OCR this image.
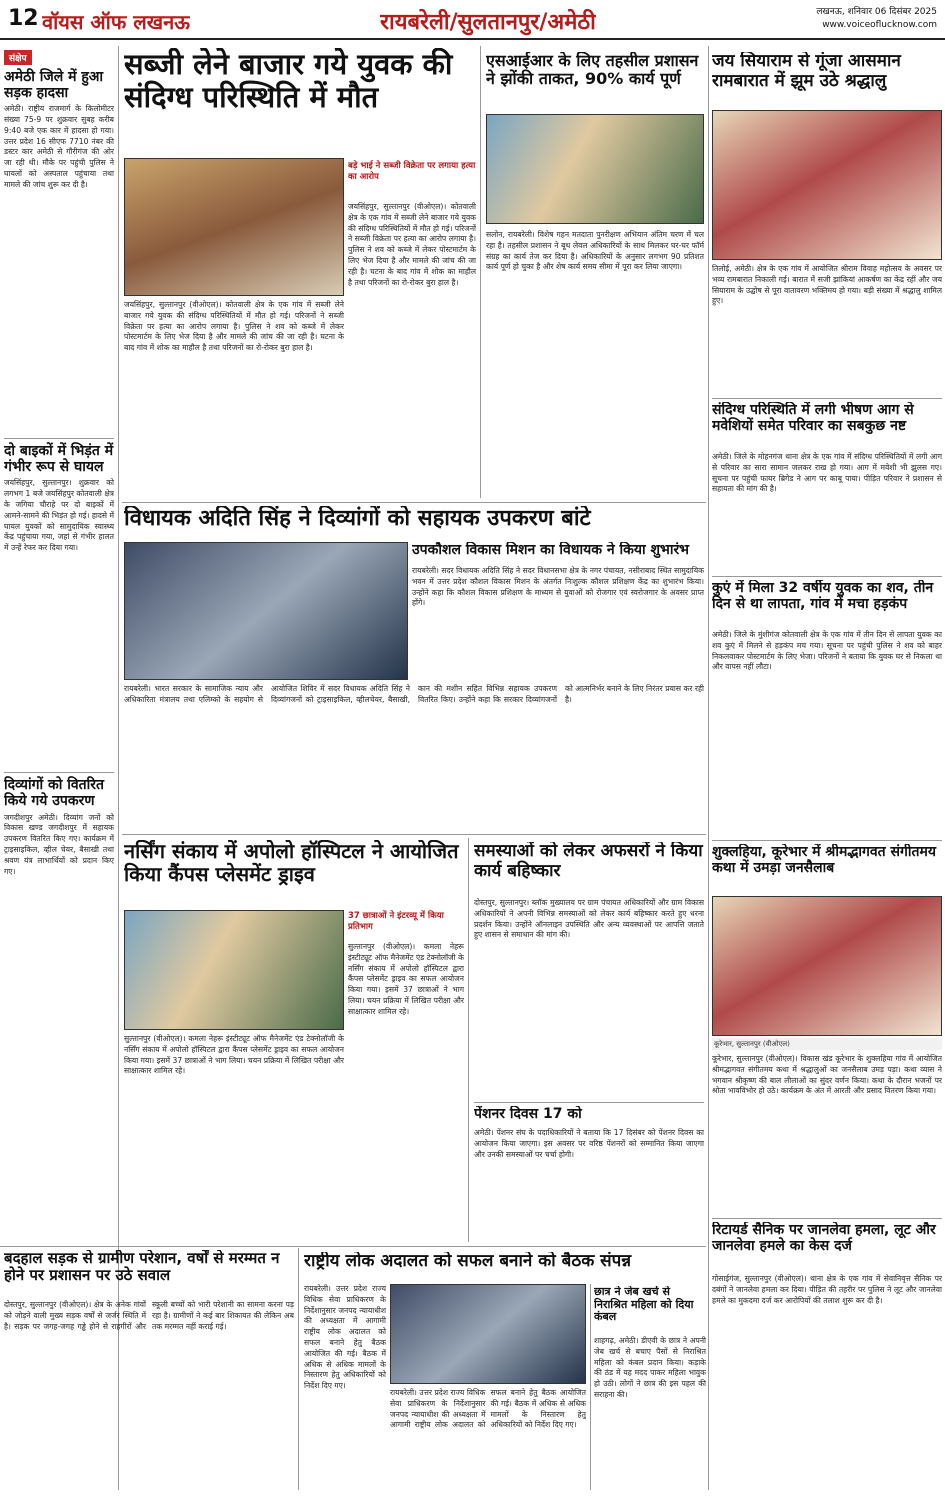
12 वॉयस ऑफ लखनऊ	रायबरेली/सुलतानपुर/अमेठी	लखनऊ, शनिवार 06 दिसंबर 2025
www.voiceoflucknow.com
संक्षेप
अमेठी जिले में हुआ सड़क हादसा
अमेठी। राष्ट्रीय राजमार्ग के किलोमीटर संख्या 75-9 पर शुक्रवार सुबह करीब 9:40 बजे एक कार में हादसा हो गया। उत्तर प्रदेश 16 सीएफ 7710 नंबर की डस्टर कार अमेठी से गौरीगंज की ओर जा रही थी। मौके पर पहुंची पुलिस ने घायलों को अस्पताल पहुंचाया तथा मामले की जांच शुरू कर दी है।
दो बाइकों में भिड़ंत में गंभीर रूप से घायल
जयसिंहपुर, सुल्तानपुर। शुक्रवार को लगभग 1 बजे जयसिंहपुर कोतवाली क्षेत्र के जगिया चौराहे पर दो बाइकों में आमने-सामने की भिड़ंत हो गई। हादसे में घायल युवकों को सामुदायिक स्वास्थ्य केंद्र पहुंचाया गया, जहां से गंभीर हालत में उन्हें रेफर कर दिया गया।
दिव्यांगों को वितरित किये गये उपकरण
जगदीशपुर अमेठी। दिव्यांग जनों को विकास खण्ड जगदीशपुर में सहायक उपकरण वितरित किए गए। कार्यक्रम में ट्राइसाइकिल, व्हील चेयर, बैसाखी तथा श्रवण यंत्र लाभार्थियों को प्रदान किए गए।
सब्जी लेने बाजार गये युवक की संदिग्ध परिस्थिति में मौत
बड़े भाई ने सब्जी विक्रेता पर लगाया हत्या का आरोप
जयसिंहपुर, सुल्तानपुर (वीओएल)। कोतवाली क्षेत्र के एक गांव में सब्जी लेने बाजार गये युवक की संदिग्ध परिस्थितियों में मौत हो गई। परिजनों ने सब्जी विक्रेता पर हत्या का आरोप लगाया है। पुलिस ने शव को कब्जे में लेकर पोस्टमार्टम के लिए भेज दिया है और मामले की जांच की जा रही है। घटना के बाद गांव में शोक का माहौल है तथा परिजनों का रो-रोकर बुरा हाल है।
जयसिंहपुर, सुल्तानपुर (वीओएल)। कोतवाली क्षेत्र के एक गांव में सब्जी लेने बाजार गये युवक की संदिग्ध परिस्थितियों में मौत हो गई। परिजनों ने सब्जी विक्रेता पर हत्या का आरोप लगाया है। पुलिस ने शव को कब्जे में लेकर पोस्टमार्टम के लिए भेज दिया है और मामले की जांच की जा रही है। घटना के बाद गांव में शोक का माहौल है तथा परिजनों का रो-रोकर बुरा हाल है।
एसआईआर के लिए तहसील प्रशासन ने झोंकी ताकत, 90% कार्य पूर्ण
सलोन, रायबरेली। विशेष गहन मतदाता पुनरीक्षण अभियान अंतिम चरण में चल रहा है। तहसील प्रशासन ने बूथ लेवल अधिकारियों के साथ मिलकर घर-घर फॉर्म संग्रह का कार्य तेज कर दिया है। अधिकारियों के अनुसार लगभग 90 प्रतिशत कार्य पूर्ण हो चुका है और शेष कार्य समय सीमा में पूरा कर लिया जाएगा।
जय सियाराम से गूंजा आसमान रामबारात में झूम उठे श्रद्धालु
तिलोई, अमेठी। क्षेत्र के एक गांव में आयोजित श्रीराम विवाह महोत्सव के अवसर पर भव्य रामबारात निकाली गई। बारात में सजी झांकियां आकर्षण का केंद्र रहीं और जय सियाराम के उद्घोष से पूरा वातावरण भक्तिमय हो गया। बड़ी संख्या में श्रद्धालु शामिल हुए।
संदिग्ध परिस्थिति में लगी भीषण आग से मवेशियों समेत परिवार का सबकुछ नष्ट
अमेठी। जिले के मोहनगंज थाना क्षेत्र के एक गांव में संदिग्ध परिस्थितियों में लगी आग से परिवार का सारा सामान जलकर राख हो गया। आग में मवेशी भी झुलस गए। सूचना पर पहुंची फायर ब्रिगेड ने आग पर काबू पाया। पीड़ित परिवार ने प्रशासन से सहायता की मांग की है।
कुएं में मिला 32 वर्षीय युवक का शव, तीन दिन से था लापता, गांव में मचा हड़कंप
अमेठी। जिले के मुंशीगंज कोतवाली क्षेत्र के एक गांव में तीन दिन से लापता युवक का शव कुएं में मिलने से हड़कंप मच गया। सूचना पर पहुंची पुलिस ने शव को बाहर निकलवाकर पोस्टमार्टम के लिए भेजा। परिजनों ने बताया कि युवक घर से निकला था और वापस नहीं लौटा।
शुक्लहिया, कूरेभार में श्रीमद्भागवत संगीतमय कथा में उमड़ा जनसैलाब
कूरेभार, सुल्तानपुर (वीओएल)
कूरेभार, सुल्तानपुर (वीओएल)। विकास खंड कूरेभार के शुक्लहिया गांव में आयोजित श्रीमद्भागवत संगीतमय कथा में श्रद्धालुओं का जनसैलाब उमड़ पड़ा। कथा व्यास ने भगवान श्रीकृष्ण की बाल लीलाओं का सुंदर वर्णन किया। कथा के दौरान भजनों पर श्रोता भावविभोर हो उठे। कार्यक्रम के अंत में आरती और प्रसाद वितरण किया गया।
रिटायर्ड सैनिक पर जानलेवा हमला, लूट और जानलेवा हमले का केस दर्ज
गोसाईगंज, सुल्तानपुर (वीओएल)। थाना क्षेत्र के एक गांव में सेवानिवृत्त सैनिक पर दबंगों ने जानलेवा हमला कर दिया। पीड़ित की तहरीर पर पुलिस ने लूट और जानलेवा हमले का मुकदमा दर्ज कर आरोपियों की तलाश शुरू कर दी है।
विधायक अदिति सिंह ने दिव्यांगों को सहायक उपकरण बांटे
उपकौशल विकास मिशन का विधायक ने किया शुभारंभ
रायबरेली। सदर विधायक अदिति सिंह ने सदर विधानसभा क्षेत्र के नगर पंचायत, नसीराबाद स्थित सामुदायिक भवन में उत्तर प्रदेश कौशल विकास मिशन के अंतर्गत निःशुल्क कौशल प्रशिक्षण केंद्र का शुभारंभ किया। उन्होंने कहा कि कौशल विकास प्रशिक्षण के माध्यम से युवाओं को रोजगार एवं स्वरोजगार के अवसर प्राप्त होंगे।
रायबरेली। भारत सरकार के सामाजिक न्याय और अधिकारिता मंत्रालय तथा एलिम्को के सहयोग से आयोजित शिविर में सदर विधायक अदिति सिंह ने दिव्यांगजनों को ट्राइसाइकिल, व्हीलचेयर, बैसाखी, कान की मशीन सहित विभिन्न सहायक उपकरण वितरित किए। उन्होंने कहा कि सरकार दिव्यांगजनों को आत्मनिर्भर बनाने के लिए निरंतर प्रयास कर रही है।
नर्सिंग संकाय में अपोलो हॉस्पिटल ने आयोजित किया कैंपस प्लेसमेंट ड्राइव
37 छात्राओं ने इंटरव्यू में किया प्रतिभाग
सुल्तानपुर (वीओएल)। कमला नेहरू इंस्टीट्यूट ऑफ मैनेजमेंट एंड टेक्नोलॉजी के नर्सिंग संकाय में अपोलो हॉस्पिटल द्वारा कैंपस प्लेसमेंट ड्राइव का सफल आयोजन किया गया। इसमें 37 छात्राओं ने भाग लिया। चयन प्रक्रिया में लिखित परीक्षा और साक्षात्कार शामिल रहे।
सुल्तानपुर (वीओएल)। कमला नेहरू इंस्टीट्यूट ऑफ मैनेजमेंट एंड टेक्नोलॉजी के नर्सिंग संकाय में अपोलो हॉस्पिटल द्वारा कैंपस प्लेसमेंट ड्राइव का सफल आयोजन किया गया। इसमें 37 छात्राओं ने भाग लिया। चयन प्रक्रिया में लिखित परीक्षा और साक्षात्कार शामिल रहे।
समस्याओं को लेकर अफसरों ने किया कार्य बहिष्कार
दोस्तपुर, सुल्तानपुर। ब्लॉक मुख्यालय पर ग्राम पंचायत अधिकारियों और ग्राम विकास अधिकारियों ने अपनी विभिन्न समस्याओं को लेकर कार्य बहिष्कार करते हुए धरना प्रदर्शन किया। उन्होंने ऑनलाइन उपस्थिति और अन्य व्यवस्थाओं पर आपत्ति जताते हुए शासन से समाधान की मांग की।
पेंशनर दिवस 17 को
अमेठी। पेंशनर संघ के पदाधिकारियों ने बताया कि 17 दिसंबर को पेंशनर दिवस का आयोजन किया जाएगा। इस अवसर पर वरिष्ठ पेंशनरों को सम्मानित किया जाएगा और उनकी समस्याओं पर चर्चा होगी।
बदहाल सड़क से ग्रामीण परेशान, वर्षों से मरम्मत न होने पर प्रशासन पर उठे सवाल
दोस्तपुर, सुल्तानपुर (वीओएल)। क्षेत्र के अनेक गांवों को जोड़ने वाली मुख्य सड़क वर्षों से जर्जर स्थिति में है। सड़क पर जगह-जगह गड्ढे होने से राहगीरों और स्कूली बच्चों को भारी परेशानी का सामना करना पड़ रहा है। ग्रामीणों ने कई बार शिकायत की लेकिन अब तक मरम्मत नहीं कराई गई।
राष्ट्रीय लोक अदालत को सफल बनाने को बैठक संपन्न
रायबरेली। उत्तर प्रदेश राज्य विधिक सेवा प्राधिकरण के निर्देशानुसार जनपद न्यायाधीश की अध्यक्षता में आगामी राष्ट्रीय लोक अदालत को सफल बनाने हेतु बैठक आयोजित की गई। बैठक में अधिक से अधिक मामलों के निस्तारण हेतु अधिकारियों को निर्देश दिए गए।
रायबरेली। उत्तर प्रदेश राज्य विधिक सेवा प्राधिकरण के निर्देशानुसार जनपद न्यायाधीश की अध्यक्षता में आगामी राष्ट्रीय लोक अदालत को सफल बनाने हेतु बैठक आयोजित की गई। बैठक में अधिक से अधिक मामलों के निस्तारण हेतु अधिकारियों को निर्देश दिए गए।
छात्र ने जेब खर्च से निराश्रित महिला को दिया कंबल
शाहगढ़, अमेठी। डीएवी के छात्र ने अपनी जेब खर्च से बचाए पैसों से निराश्रित महिला को कंबल प्रदान किया। कड़ाके की ठंड में यह मदद पाकर महिला भावुक हो उठी। लोगों ने छात्र की इस पहल की सराहना की।
